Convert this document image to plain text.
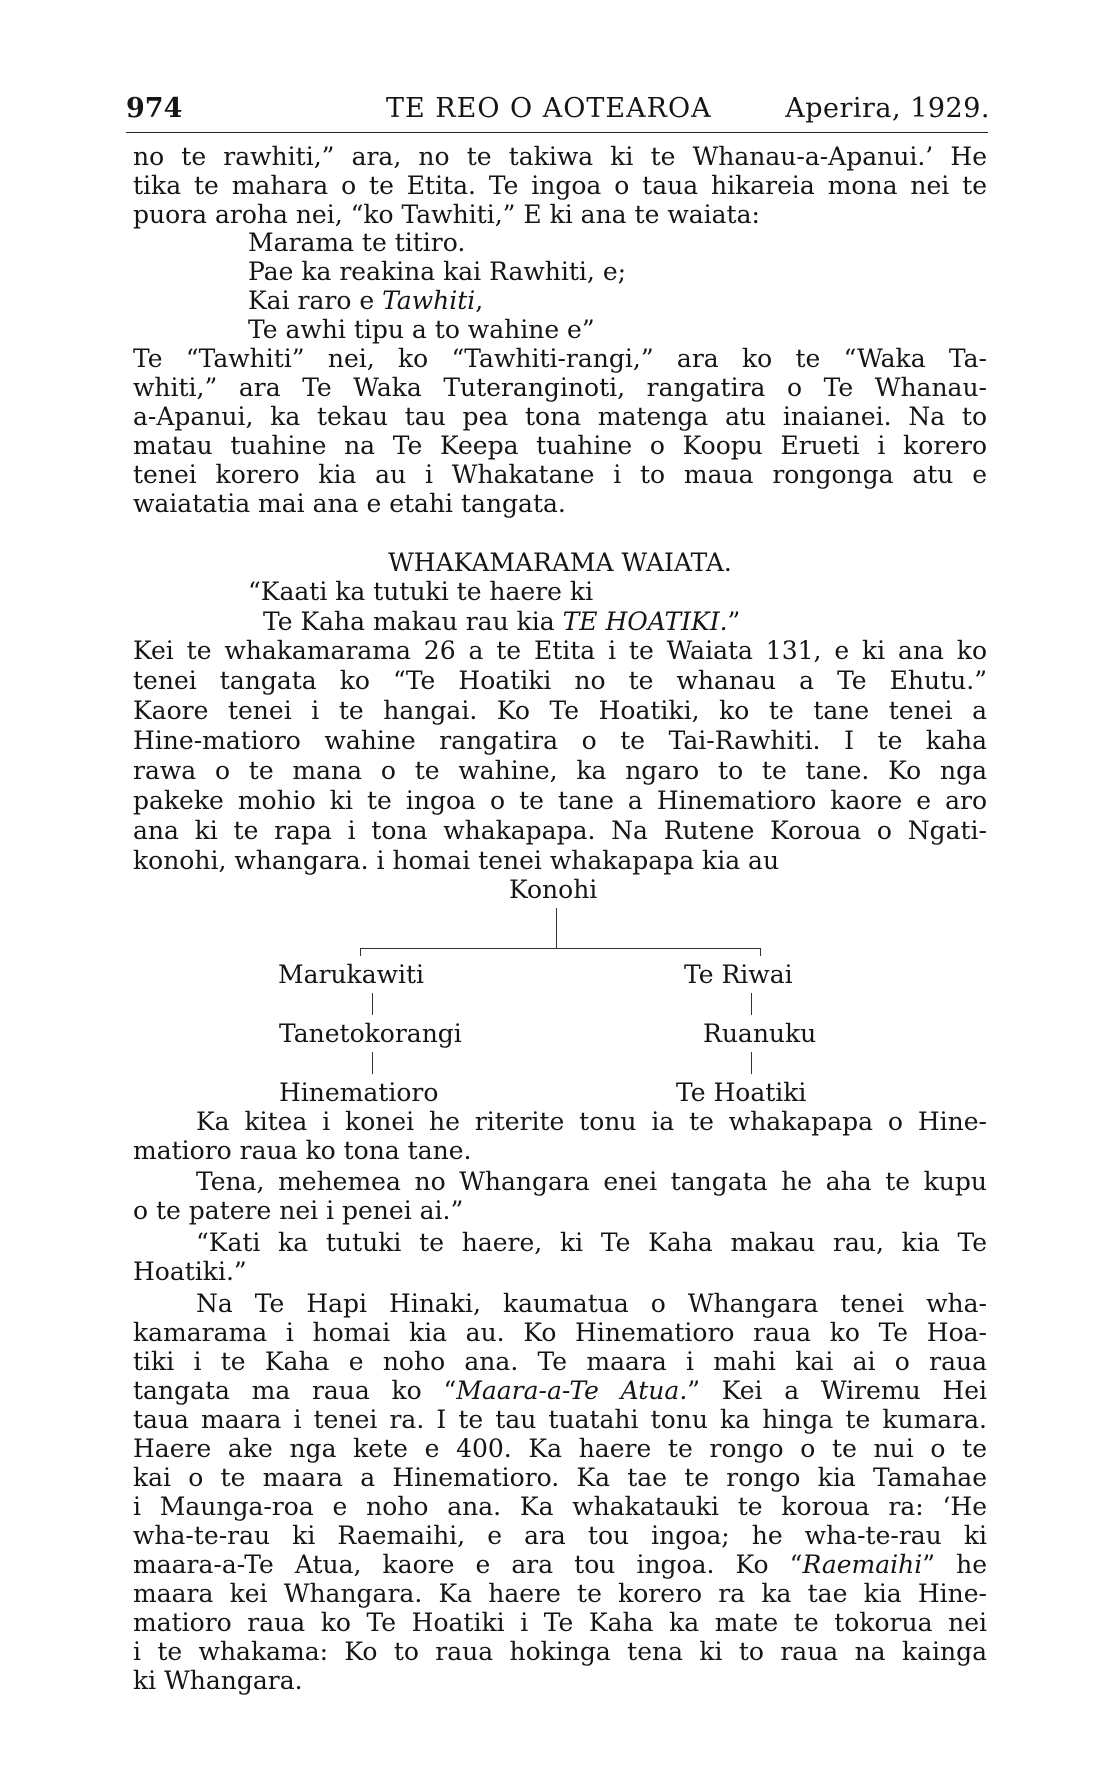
974	TE REO O AOTEAROA	Aperira, 1929.
no te rawhiti,” ara, no te takiwa ki te Whanau-a-Apanui.’ He
tika te mahara o te Etita. Te ingoa o taua hikareia mona nei te
puora aroha nei, “ko Tawhiti,” E ki ana te waiata:
Marama te titiro.
Pae ka reakina kai Rawhiti, e;
Kai raro e Tawhiti,
Te awhi tipu a to wahine e”
Te “Tawhiti” nei, ko “Tawhiti-rangi,” ara ko te “Waka Ta-
whiti,” ara Te Waka Tuteranginoti, rangatira o Te Whanau-
a-Apanui, ka tekau tau pea tona matenga atu inaianei. Na to
matau tuahine na Te Keepa tuahine o Koopu Erueti i korero
tenei korero kia au i Whakatane i to maua rongonga atu e
waiatatia mai ana e etahi tangata.
WHAKAMARAMA WAIATA.
“Kaati ka tutuki te haere ki
Te Kaha makau rau kia TE HOATIKI.”
Kei te whakamarama 26 a te Etita i te Waiata 131, e ki ana ko
tenei tangata ko “Te Hoatiki no te whanau a Te Ehutu.”
Kaore tenei i te hangai. Ko Te Hoatiki, ko te tane tenei a
Hine-matioro wahine rangatira o te Tai-Rawhiti. I te kaha
rawa o te mana o te wahine, ka ngaro to te tane. Ko nga
pakeke mohio ki te ingoa o te tane a Hinematioro kaore e aro
ana ki te rapa i tona whakapapa. Na Rutene Koroua o Ngati-
konohi, whangara. i homai tenei whakapapa kia au
Konohi
Marukawiti
Tanetokorangi
Hinematioro
Te Riwai
Ruanuku
Te Hoatiki
Ka kitea i konei he riterite tonu ia te whakapapa o Hine-
matioro raua ko tona tane.
Tena, mehemea no Whangara enei tangata he aha te kupu
o te patere nei i penei ai.”
“Kati ka tutuki te haere, ki Te Kaha makau rau, kia Te
Hoatiki.”
Na Te Hapi Hinaki, kaumatua o Whangara tenei wha-
kamarama i homai kia au. Ko Hinematioro raua ko Te Hoa-
tiki i te Kaha e noho ana. Te maara i mahi kai ai o raua
tangata ma raua ko “Maara-a-Te Atua.” Kei a Wiremu Hei
taua maara i tenei ra. I te tau tuatahi tonu ka hinga te kumara.
Haere ake nga kete e 400. Ka haere te rongo o te nui o te
kai o te maara a Hinematioro. Ka tae te rongo kia Tamahae
i Maunga-roa e noho ana. Ka whakatauki te koroua ra: ‘He
wha-te-rau ki Raemaihi, e ara tou ingoa; he wha-te-rau ki
maara-a-Te Atua, kaore e ara tou ingoa. Ko “Raemaihi” he
maara kei Whangara. Ka haere te korero ra ka tae kia Hine-
matioro raua ko Te Hoatiki i Te Kaha ka mate te tokorua nei
i te whakama: Ko to raua hokinga tena ki to raua na kainga
ki Whangara.
